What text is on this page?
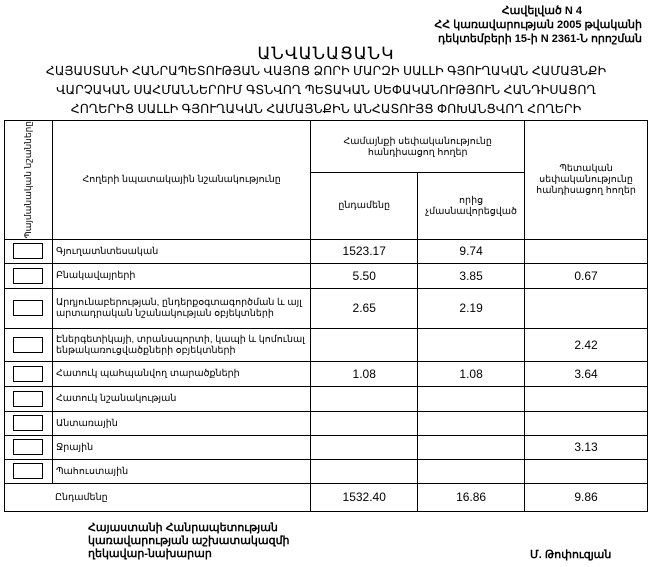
Հավելված N 4
ՀՀ կառավարության 2005 թվականի
դեկտեմբերի 15-ի N 2361-Ն որոշման
ԱՆՎԱՆԱՑԱՆԿ
ՀԱՅԱՍՏԱՆԻ ՀԱՆՐԱՊԵՏՈՒԹՅԱՆ ՎԱՅՈՑ ՁՈՐԻ ՄԱՐԶԻ ՍԱԼԼԻ ԳՅՈՒՂԱԿԱՆ ՀԱՄԱՅՆՔԻ
ՎԱՐՉԱԿԱՆ ՍԱՀՄԱՆՆԵՐՈՒՄ ԳՏՆՎՈՂ ՊԵՏԱԿԱՆ ՍԵՓԱԿԱՆՈՒԹՅՈՒՆ ՀԱՆԴԻՍԱՑՈՂ
ՀՈՂԵՐԻՑ ՍԱԼԼԻ ԳՅՈՒՂԱԿԱՆ ՀԱՄԱՅՆՔԻՆ ԱՆՀԱՏՈՒՅՑ ՓՈԽԱՆՑՎՈՂ ՀՈՂԵՐԻ
Պայմանական նշանները	Հողերի նպատակային նշանակությունը	Համայնքի սեփականությունը հանդիսացող հողեր		Պետական սեփականությունը հանդիսացող հողեր
		ընդամենը	որից չմասնավորեցված	

	Գյուղատնտեսական	1523.17	9.74	

	Բնակավայրերի	5.50	3.85	0.67

	Արդյունաբերության, ընդերքօգտագործման և այլ արտադրական նշանակության օբյեկտների	2.65	2.19	

	Էներգետիկայի, տրանսպորտի, կապի և կոմունալ ենթակառուցվածքների օբյեկտների			2.42

	Հատուկ պահպանվող տարածքների	1.08	1.08	3.64

	Հատուկ նշանակության			

	Անտառային			

	Ջրային			3.13

	Պահուստային			
Ընդամենը		1532.40	16.86	9.86
Հայաստանի Հանրապետության
կառավարության աշխատակազմի
ղեկավար-նախարար	Մ. Թոփուզյան
